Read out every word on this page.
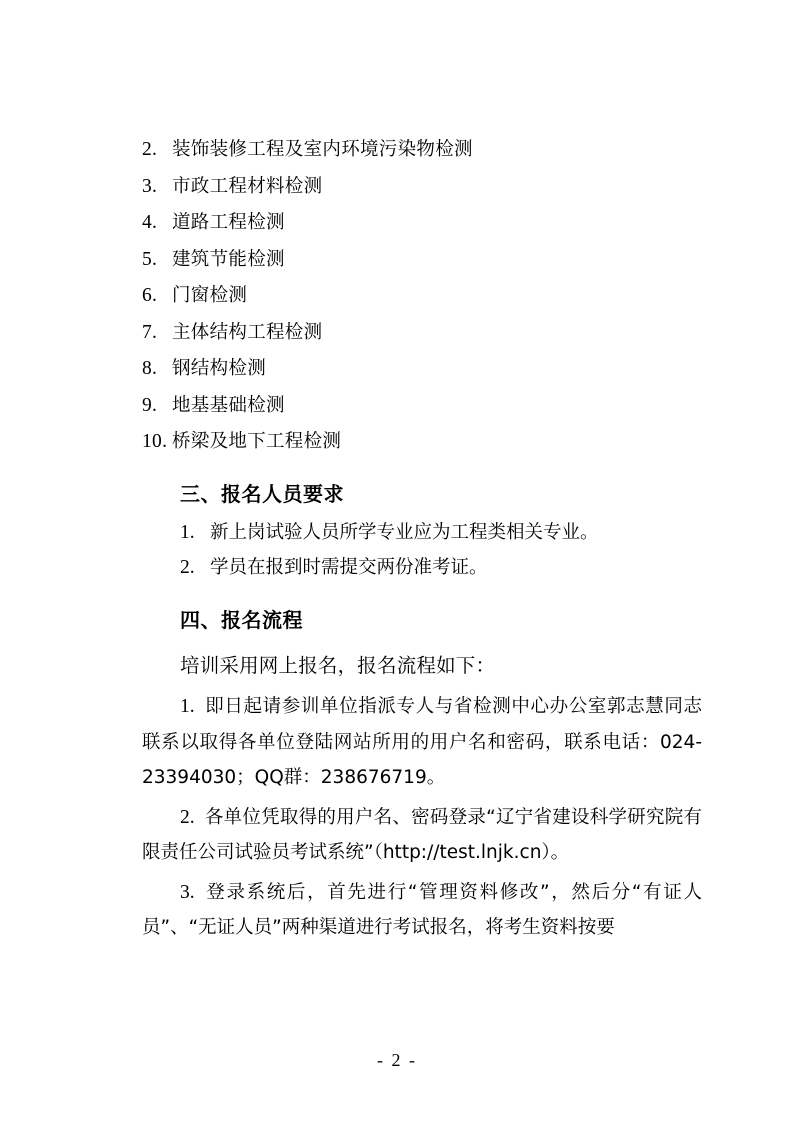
2. 装饰装修工程及室内环境污染物检测
3. 市政工程材料检测
4. 道路工程检测
5. 建筑节能检测
6. 门窗检测
7. 主体结构工程检测
8. 钢结构检测
9. 地基基础检测
10. 桥梁及地下工程检测
三、报名人员要求
1. 新上岗试验人员所学专业应为工程类相关专业。
2. 学员在报到时需提交两份准考证。
四、报名流程

培训采用网上报名，报名流程如下：

1. 即日起请参训单位指派专人与省检测中心办公室郭志慧同志联系以取得各单位登陆网站所用的用户名和密码，联系电话：024-23394030；QQ群：238676719。

2. 各单位凭取得的用户名、密码登录“辽宁省建设科学研究院有限责任公司试验员考试系统”（http://test.lnjk.cn）。

3. 登录系统后，首先进行“管理资料修改”，然后分“有证人员”、“无证人员”两种渠道进行考试报名，将考生资料按要

- 2 -
